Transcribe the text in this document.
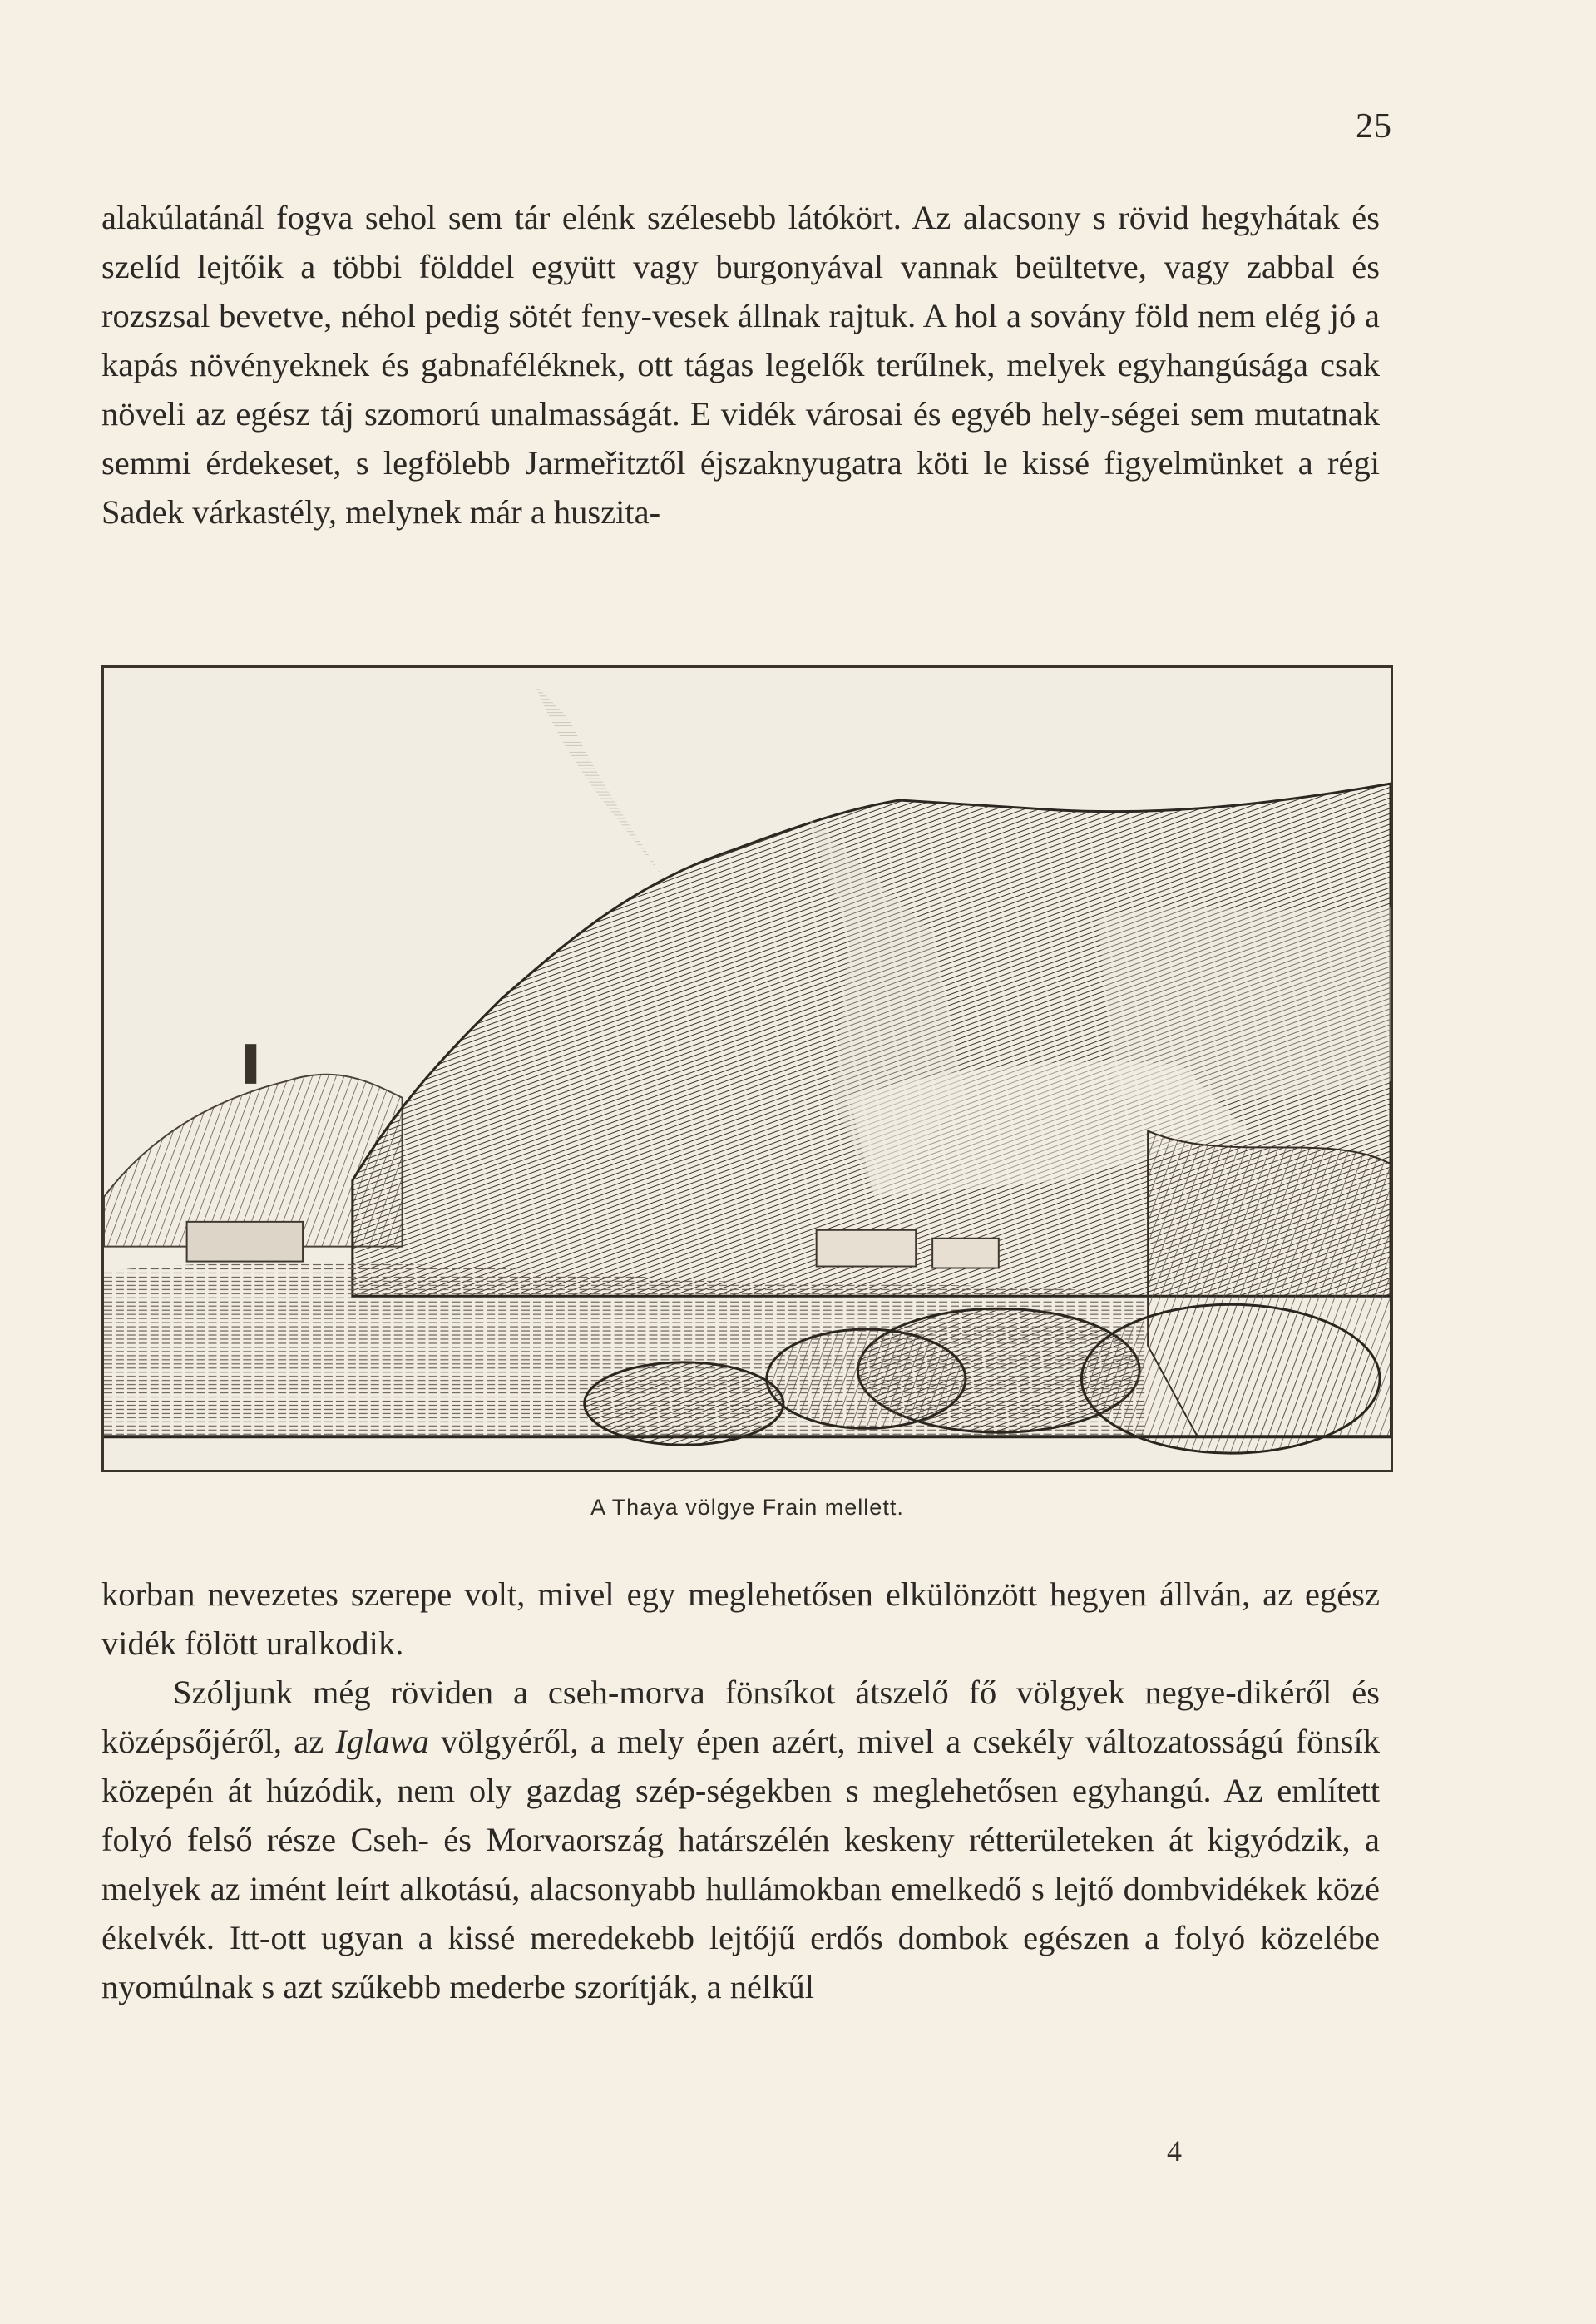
25

alakúlatánál fogva sehol sem tár elénk szélesebb látókört. Az alacsony s rövid hegyhátak és szelíd lejtőik a többi földdel együtt vagy burgonyával vannak beültetve, vagy zabbal és rozszsal bevetve, néhol pedig sötét feny-vesek állnak rajtuk. A hol a sovány föld nem elég jó a kapás növényeknek és gabnaféléknek, ott tágas legelők terűlnek, melyek egyhangúsága csak növeli az egész táj szomorú unalmasságát. E vidék városai és egyéb hely-ségei sem mutatnak semmi érdekeset, s legfölebb Jarmeřitztől éjszaknyugatra köti le kissé figyelmünket a régi Sadek várkastély, melynek már a huszita-

A Thaya völgye Frain mellett.

korban nevezetes szerepe volt, mivel egy meglehetősen elkülönzött hegyen állván, az egész vidék fölött uralkodik.

Szóljunk még röviden a cseh-morva fönsíkot átszelő fő völgyek negye-dikéről és középsőjéről, az Iglawa völgyéről, a mely épen azért, mivel a csekély változatosságú fönsík közepén át húzódik, nem oly gazdag szép-ségekben s meglehetősen egyhangú. Az említett folyó felső része Cseh- és Morvaország határszélén keskeny rétterületeken át kigyódzik, a melyek az imént leírt alkotású, alacsonyabb hullámokban emelkedő s lejtő dombvidékek közé ékelvék. Itt-ott ugyan a kissé meredekebb lejtőjű erdős dombok egészen a folyó közelébe nyomúlnak s azt szűkebb mederbe szorítják, a nélkűl

4
